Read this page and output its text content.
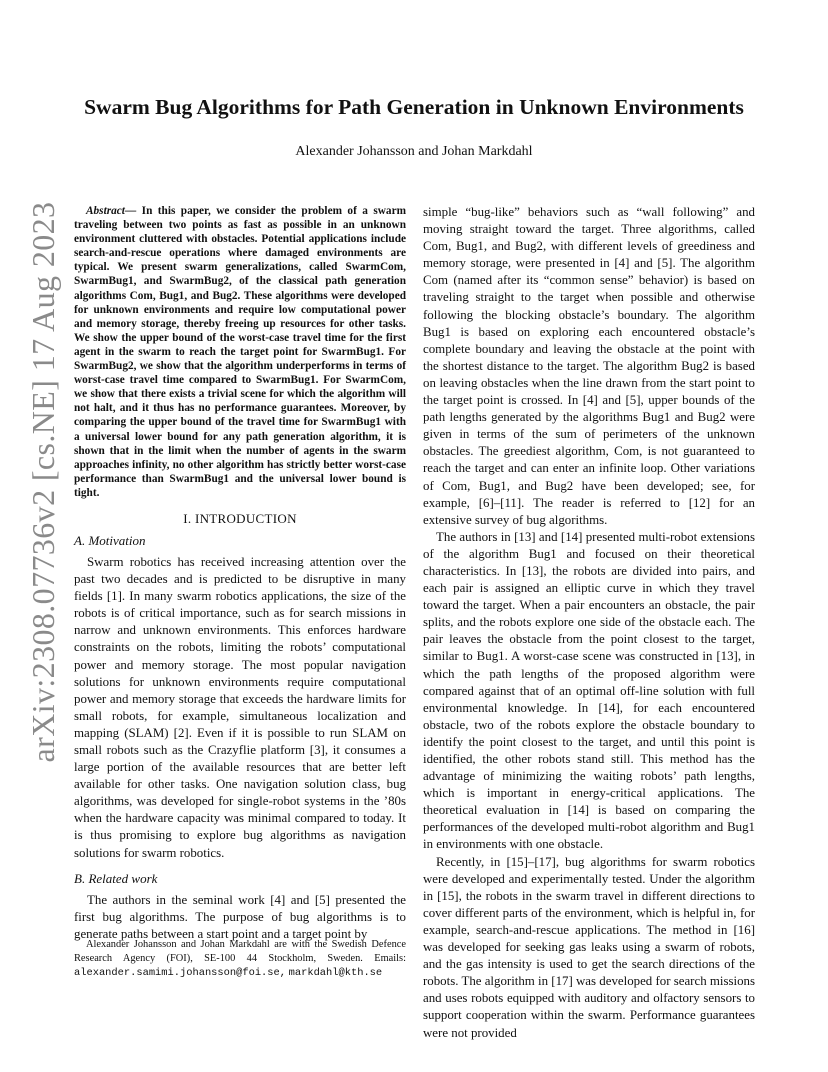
arXiv:2308.07736v2 [cs.NE] 17 Aug 2023
Swarm Bug Algorithms for Path Generation in Unknown Environments
Alexander Johansson and Johan Markdahl

Abstract— In this paper, we consider the problem of a swarm traveling between two points as fast as possible in an unknown environment cluttered with obstacles. Potential applications include search-and-rescue operations where damaged environments are typical. We present swarm generalizations, called SwarmCom, SwarmBug1, and SwarmBug2, of the classical path generation algorithms Com, Bug1, and Bug2. These algorithms were developed for unknown environments and require low computational power and memory storage, thereby freeing up resources for other tasks. We show the upper bound of the worst-case travel time for the first agent in the swarm to reach the target point for SwarmBug1. For SwarmBug2, we show that the algorithm underperforms in terms of worst-case travel time compared to SwarmBug1. For SwarmCom, we show that there exists a trivial scene for which the algorithm will not halt, and it thus has no performance guarantees. Moreover, by comparing the upper bound of the travel time for SwarmBug1 with a universal lower bound for any path generation algorithm, it is shown that in the limit when the number of agents in the swarm approaches infinity, no other algorithm has strictly better worst-case performance than SwarmBug1 and the universal lower bound is tight.

I. INTRODUCTION
A. Motivation

Swarm robotics has received increasing attention over the past two decades and is predicted to be disruptive in many fields [1]. In many swarm robotics applications, the size of the robots is of critical importance, such as for search missions in narrow and unknown environments. This enforces hardware constraints on the robots, limiting the robots’ computational power and memory storage. The most popular navigation solutions for unknown environments require computational power and memory storage that exceeds the hardware limits for small robots, for example, simultaneous localization and mapping (SLAM) [2]. Even if it is possible to run SLAM on small robots such as the Crazyflie platform [3], it consumes a large portion of the available resources that are better left available for other tasks. One navigation solution class, bug algorithms, was developed for single-robot systems in the ’80s when the hardware capacity was minimal compared to today. It is thus promising to explore bug algorithms as navigation solutions for swarm robotics.

B. Related work

The authors in the seminal work [4] and [5] presented the first bug algorithms. The purpose of bug algorithms is to generate paths between a start point and a target point by

Alexander Johansson and Johan Markdahl are with the Swedish Defence Research Agency (FOI), SE-100 44 Stockholm, Sweden. Emails: alexander.samimi.johansson@foi.se, markdahl@kth.se

simple “bug-like” behaviors such as “wall following” and moving straight toward the target. Three algorithms, called Com, Bug1, and Bug2, with different levels of greediness and memory storage, were presented in [4] and [5]. The algorithm Com (named after its “common sense” behavior) is based on traveling straight to the target when possible and otherwise following the blocking obstacle’s boundary. The algorithm Bug1 is based on exploring each encountered obstacle’s complete boundary and leaving the obstacle at the point with the shortest distance to the target. The algorithm Bug2 is based on leaving obstacles when the line drawn from the start point to the target point is crossed. In [4] and [5], upper bounds of the path lengths generated by the algorithms Bug1 and Bug2 were given in terms of the sum of perimeters of the unknown obstacles. The greediest algorithm, Com, is not guaranteed to reach the target and can enter an infinite loop. Other variations of Com, Bug1, and Bug2 have been developed; see, for example, [6]–[11]. The reader is referred to [12] for an extensive survey of bug algorithms.

The authors in [13] and [14] presented multi-robot extensions of the algorithm Bug1 and focused on their theoretical characteristics. In [13], the robots are divided into pairs, and each pair is assigned an elliptic curve in which they travel toward the target. When a pair encounters an obstacle, the pair splits, and the robots explore one side of the obstacle each. The pair leaves the obstacle from the point closest to the target, similar to Bug1. A worst-case scene was constructed in [13], in which the path lengths of the proposed algorithm were compared against that of an optimal off-line solution with full environmental knowledge. In [14], for each encountered obstacle, two of the robots explore the obstacle boundary to identify the point closest to the target, and until this point is identified, the other robots stand still. This method has the advantage of minimizing the waiting robots’ path lengths, which is important in energy-critical applications. The theoretical evaluation in [14] is based on comparing the performances of the developed multi-robot algorithm and Bug1 in environments with one obstacle.

Recently, in [15]–[17], bug algorithms for swarm robotics were developed and experimentally tested. Under the algorithm in [15], the robots in the swarm travel in different directions to cover different parts of the environment, which is helpful in, for example, search-and-rescue applications. The method in [16] was developed for seeking gas leaks using a swarm of robots, and the gas intensity is used to get the search directions of the robots. The algorithm in [17] was developed for search missions and uses robots equipped with auditory and olfactory sensors to support cooperation within the swarm. Performance guarantees were not provided
